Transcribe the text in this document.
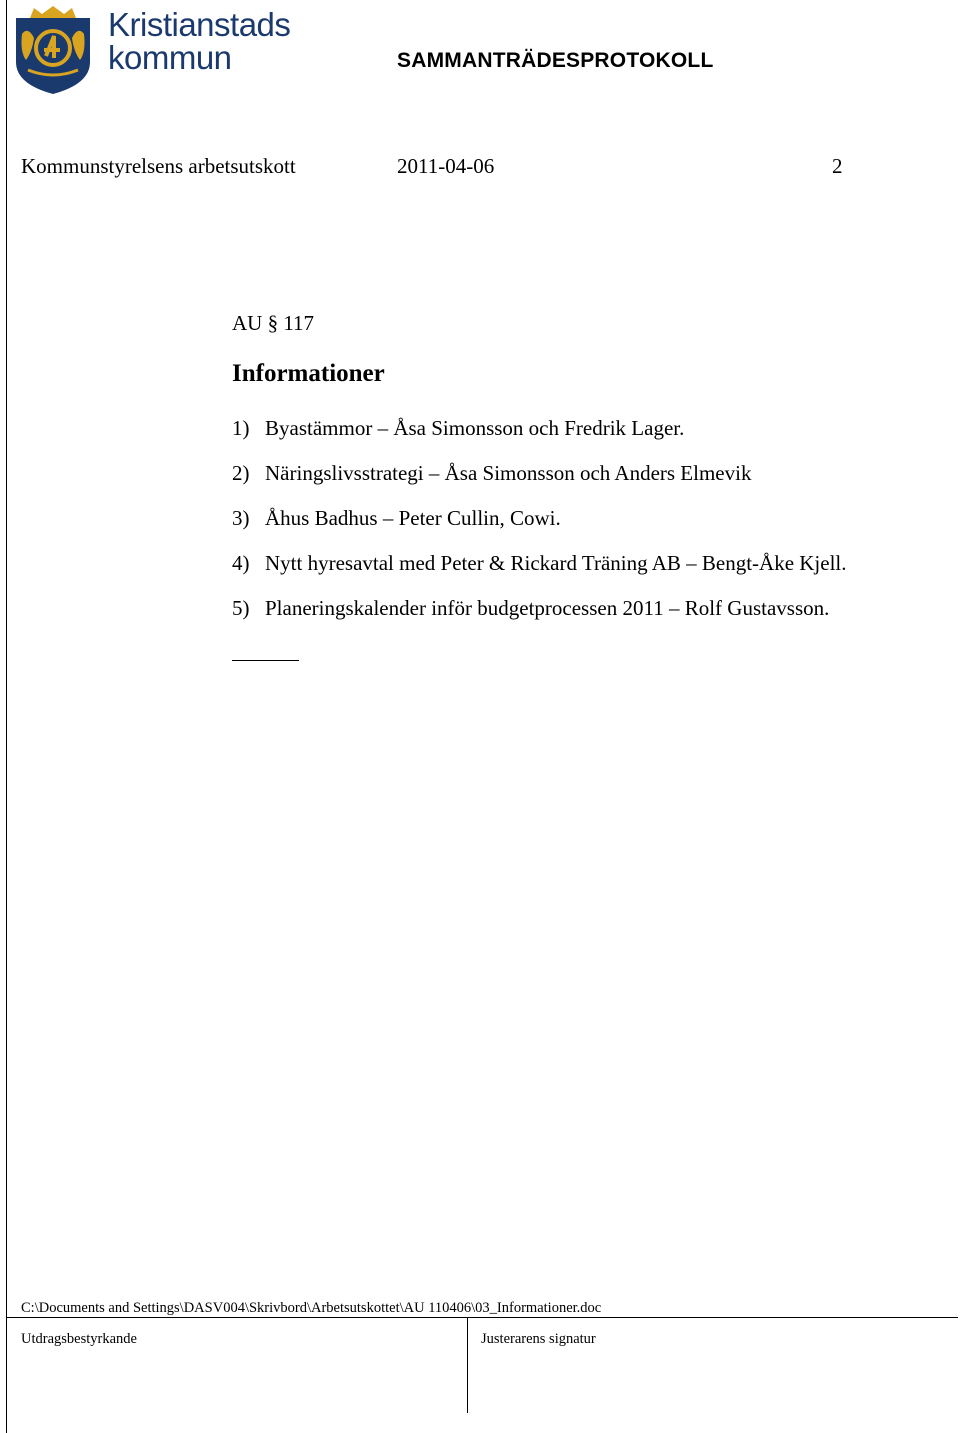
Kristianstads
kommun	SAMMANTRÄDESPROTOKOLL
Kommunstyrelsens arbetsutskott	2011-04-06	2
AU § 117
Informationer
1) Byastämmor – Åsa Simonsson och Fredrik Lager.
2) Näringslivsstrategi – Åsa Simonsson och Anders Elmevik
3) Åhus Badhus – Peter Cullin, Cowi.
4) Nytt hyresavtal med Peter & Rickard Träning AB – Bengt-Åke Kjell.
5) Planeringskalender inför budgetprocessen 2011 – Rolf Gustavsson.
C:\Documents and Settings\DASV004\Skrivbord\Arbetsutskottet\AU 110406\03_Informationer.doc
Utdragsbestyrkande	Justerarens signatur
